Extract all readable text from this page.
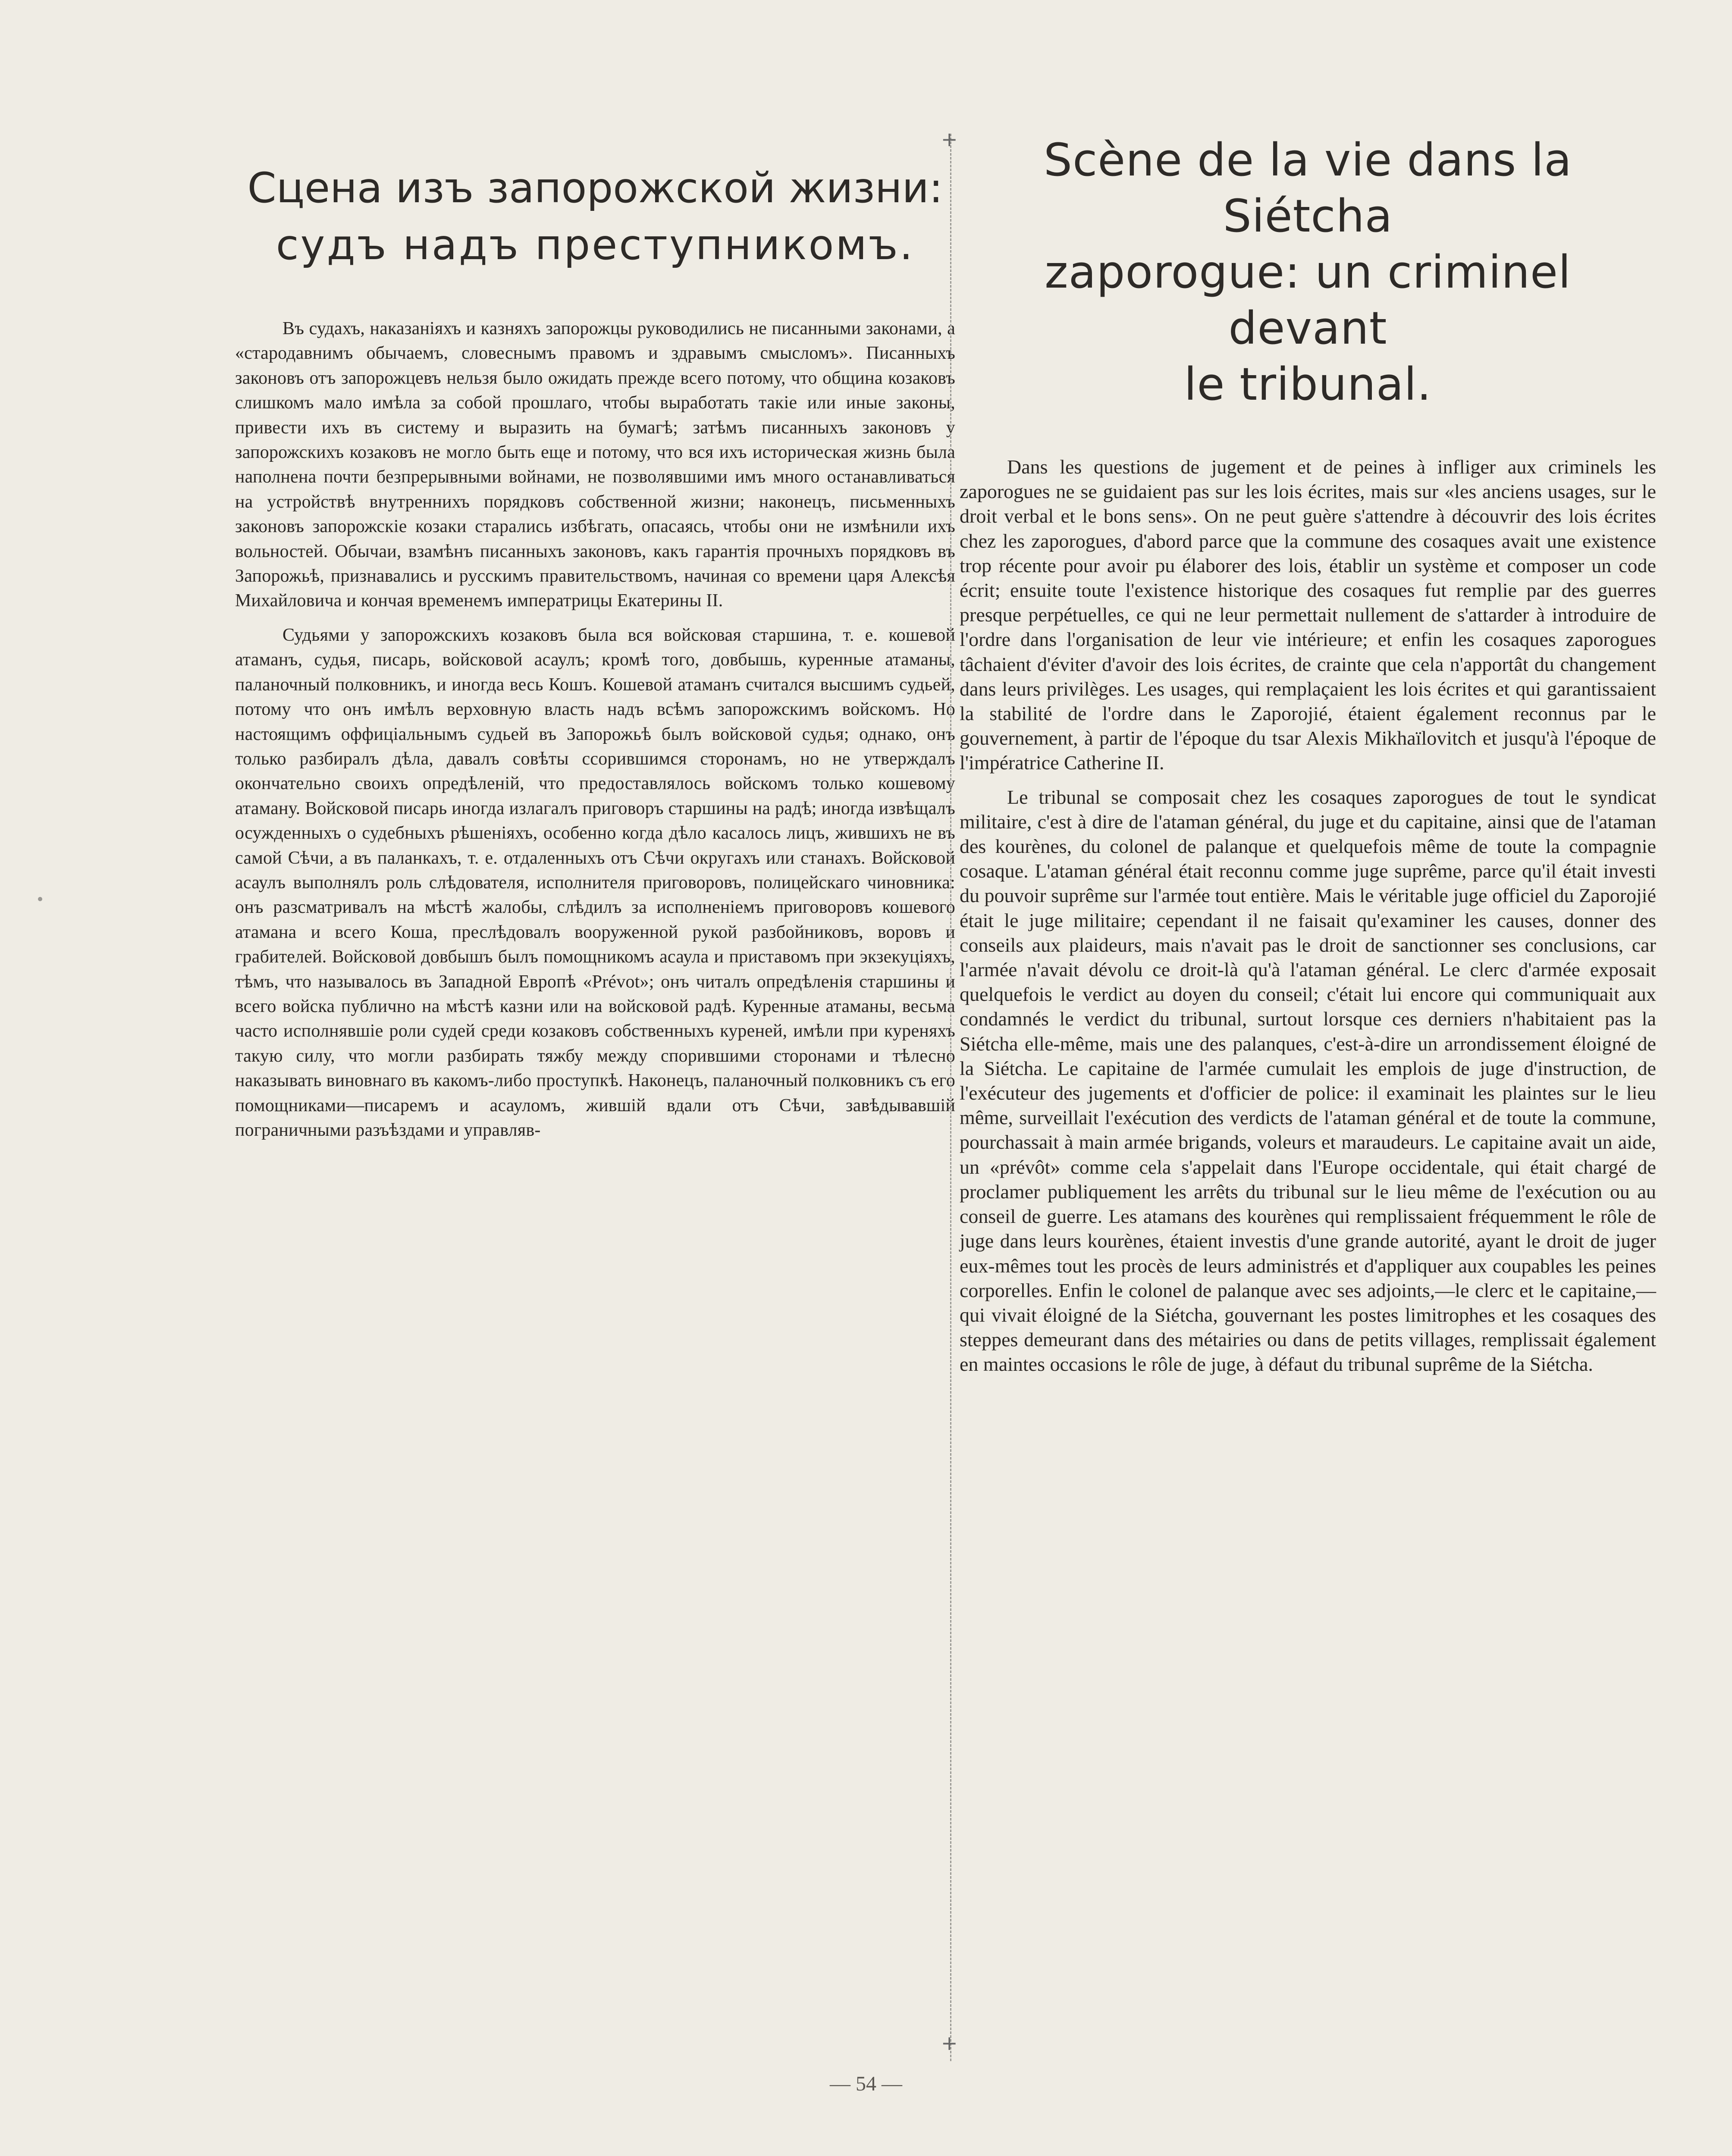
Сцена изъ запорожской жизни:
судъ надъ преступникомъ.

Въ судахъ, наказаніяхъ и казняхъ запорожцы руководились не писанными законами, а «стародавнимъ обычаемъ, словеснымъ правомъ и здравымъ смысломъ». Писанныхъ законовъ отъ запорожцевъ нельзя было ожидать прежде всего потому, что община козаковъ слишкомъ мало имѣла за собой прошлаго, чтобы выработать такіе или иные законы, привести ихъ въ систему и выразить на бумагѣ; затѣмъ писанныхъ законовъ у запорожскихъ козаковъ не могло быть еще и потому, что вся ихъ историческая жизнь была наполнена почти безпрерывными войнами, не позволявшими имъ много останавливаться на устройствѣ внутреннихъ порядковъ собственной жизни; наконецъ, письменныхъ законовъ запорожскіе козаки старались избѣгать, опасаясь, чтобы они не измѣнили ихъ вольностей. Обычаи, взамѣнъ писанныхъ законовъ, какъ гарантія прочныхъ порядковъ въ Запорожьѣ, признавались и русскимъ правительствомъ, начиная со времени царя Алексѣя Михайловича и кончая временемъ императрицы Екатерины II.

Судьями у запорожскихъ козаковъ была вся войсковая старшина, т. е. кошевой атаманъ, судья, писарь, войсковой асаулъ; кромѣ того, довбышь, куренные атаманы, паланочный полковникъ, и иногда весь Кошъ. Кошевой атаманъ считался высшимъ судьей, потому что онъ имѣлъ верховную власть надъ всѣмъ запорожскимъ войскомъ. Но настоящимъ оффиціальнымъ судьей въ Запорожьѣ былъ войсковой судья; однако, онъ только разбиралъ дѣла, давалъ совѣты ссорившимся сторонамъ, но не утверждалъ окончательно своихъ опредѣленій, что предоставлялось войскомъ только кошевому атаману. Войсковой писарь иногда излагалъ приговоръ старшины на радѣ; иногда извѣщалъ осужденныхъ о судебныхъ рѣшеніяхъ, особенно когда дѣло касалось лицъ, жившихъ не въ самой Сѣчи, а въ паланкахъ, т. е. отдаленныхъ отъ Сѣчи округахъ или станахъ. Войсковой асаулъ выполнялъ роль слѣдователя, исполнителя приговоровъ, полицейскаго чиновника: онъ разсматривалъ на мѣстѣ жалобы, слѣдилъ за исполненіемъ приговоровъ кошевого атамана и всего Коша, преслѣдовалъ вооруженной рукой разбойниковъ, воровъ и грабителей. Войсковой довбышъ былъ помощникомъ асаула и приставомъ при экзекуціяхъ, тѣмъ, что называлось въ Западной Европѣ «Prévot»; онъ читалъ опредѣленія старшины и всего войска публично на мѣстѣ казни или на войсковой радѣ. Куренные атаманы, весьма часто исполнявшіе роли судей среди козаковъ собственныхъ куреней, имѣли при куреняхъ такую силу, что могли разбирать тяжбу между спорившими сторонами и тѣлесно наказывать виновнаго въ какомъ-либо проступкѣ. Наконецъ, паланочный полковникъ съ его помощниками—писаремъ и асауломъ, жившій вдали отъ Сѣчи, завѣдывавшій пограничными разъѣздами и управляв-

+
+
Scène de la vie dans la Siétcha
zaporogue: un criminel devant
le tribunal.

Dans les questions de jugement et de peines à infliger aux criminels les zaporogues ne se guidaient pas sur les lois écrites, mais sur «les anciens usages, sur le droit verbal et le bons sens». On ne peut guère s'attendre à découvrir des lois écrites chez les zaporogues, d'abord parce que la commune des cosaques avait une existence trop récente pour avoir pu élaborer des lois, établir un système et composer un code écrit; ensuite toute l'existence historique des cosaques fut remplie par des guerres presque perpétuelles, ce qui ne leur permettait nullement de s'attarder à introduire de l'ordre dans l'organisation de leur vie intérieure; et enfin les cosaques zaporogues tâchaient d'éviter d'avoir des lois écrites, de crainte que cela n'apportât du changement dans leurs privilèges. Les usages, qui remplaçaient les lois écrites et qui garantissaient la stabilité de l'ordre dans le Zaporojié, étaient également reconnus par le gouvernement, à partir de l'époque du tsar Alexis Mikhaïlovitch et jusqu'à l'époque de l'impératrice Catherine II.

Le tribunal se composait chez les cosaques zaporogues de tout le syndicat militaire, c'est à dire de l'ataman général, du juge et du capitaine, ainsi que de l'ataman des kourènes, du colonel de palanque et quelquefois même de toute la compagnie cosaque. L'ataman général était reconnu comme juge suprême, parce qu'il était investi du pouvoir suprême sur l'armée tout entière. Mais le véritable juge officiel du Zaporojié était le juge militaire; cependant il ne faisait qu'examiner les causes, donner des conseils aux plaideurs, mais n'avait pas le droit de sanctionner ses conclusions, car l'armée n'avait dévolu ce droit-là qu'à l'ataman général. Le clerc d'armée exposait quelquefois le verdict au doyen du conseil; c'était lui encore qui communiquait aux condamnés le verdict du tribunal, surtout lorsque ces derniers n'habitaient pas la Siétcha elle-même, mais une des palanques, c'est-à-dire un arrondissement éloigné de la Siétcha. Le capitaine de l'armée cumulait les emplois de juge d'instruction, de l'exécuteur des jugements et d'officier de police: il examinait les plaintes sur le lieu même, surveillait l'exécution des verdicts de l'ataman général et de toute la commune, pourchassait à main armée brigands, voleurs et maraudeurs. Le capitaine avait un aide, un «prévôt» comme cela s'appelait dans l'Europe occidentale, qui était chargé de proclamer publiquement les arrêts du tribunal sur le lieu même de l'exécution ou au conseil de guerre. Les atamans des kourènes qui remplissaient fréquemment le rôle de juge dans leurs kourènes, étaient investis d'une grande autorité, ayant le droit de juger eux-mêmes tout les procès de leurs administrés et d'appliquer aux coupables les peines corporelles. Enfin le colonel de palanque avec ses adjoints,—le clerc et le capitaine,—qui vivait éloigné de la Siétcha, gouvernant les postes limitrophes et les cosaques des steppes demeurant dans des métairies ou dans de petits villages, remplissait également en maintes occasions le rôle de juge, à défaut du tribunal suprême de la Siétcha.

— 54 —
